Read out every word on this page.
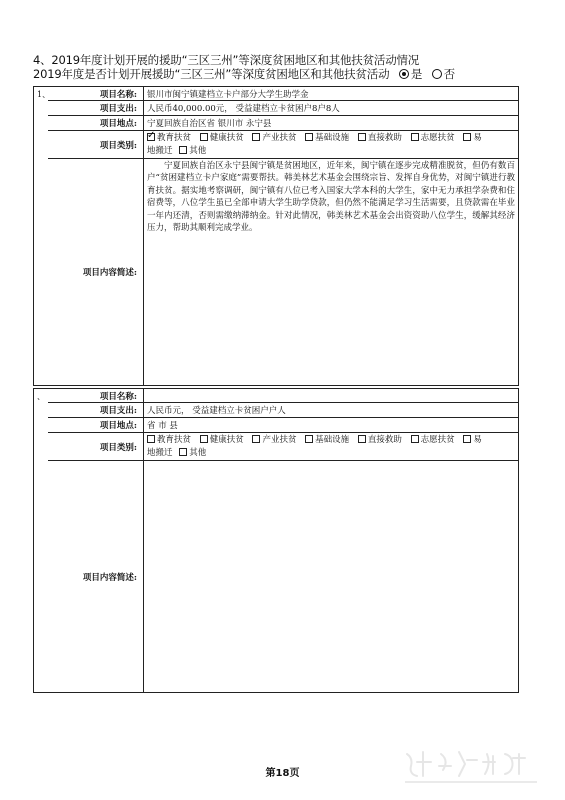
4、2019年度计划开展的援助“三区三州”等深度贫困地区和其他扶贫活动情况
2019年度是否计划开展援助“三区三州”等深度贫困地区和其他扶贫活动 是 否
1、	项目名称:	银川市闽宁镇建档立卡户部分大学生助学金
	项目支出:	人民币40,000.00元， 受益建档立卡贫困户8户8人
	项目地点:	宁夏回族自治区省 银川市 永宁县
	项目类别:	✓教育扶贫 健康扶贫 产业扶贫 基础设施 直接救助 志愿扶贫 易
地搬迁 其他
	项目内容简述:	宁夏回族自治区永宁县闽宁镇是贫困地区，近年来，闽宁镇在逐步完成精准脱贫，但仍有数百户“贫困建档立卡户家庭”需要帮扶。韩美林艺术基金会围绕宗旨、发挥自身优势，对闽宁镇进行教育扶贫。据实地考察调研，闽宁镇有八位已考入国家大学本科的大学生，家中无力承担学杂费和住宿费等，八位学生虽已全部申请大学生助学贷款，但仍然不能满足学习生活需要，且贷款需在毕业一年内还清，否则需缴纳滞纳金。针对此情况，韩美林艺术基金会出资资助八位学生，缓解其经济压力，帮助其顺利完成学业。
、	项目名称:	
	项目支出:	人民币元， 受益建档立卡贫困户户人
	项目地点:	省 市 县
	项目类别:	教育扶贫 健康扶贫 产业扶贫 基础设施 直接救助 志愿扶贫 易
地搬迁 其他
	项目内容简述:	
第18页
